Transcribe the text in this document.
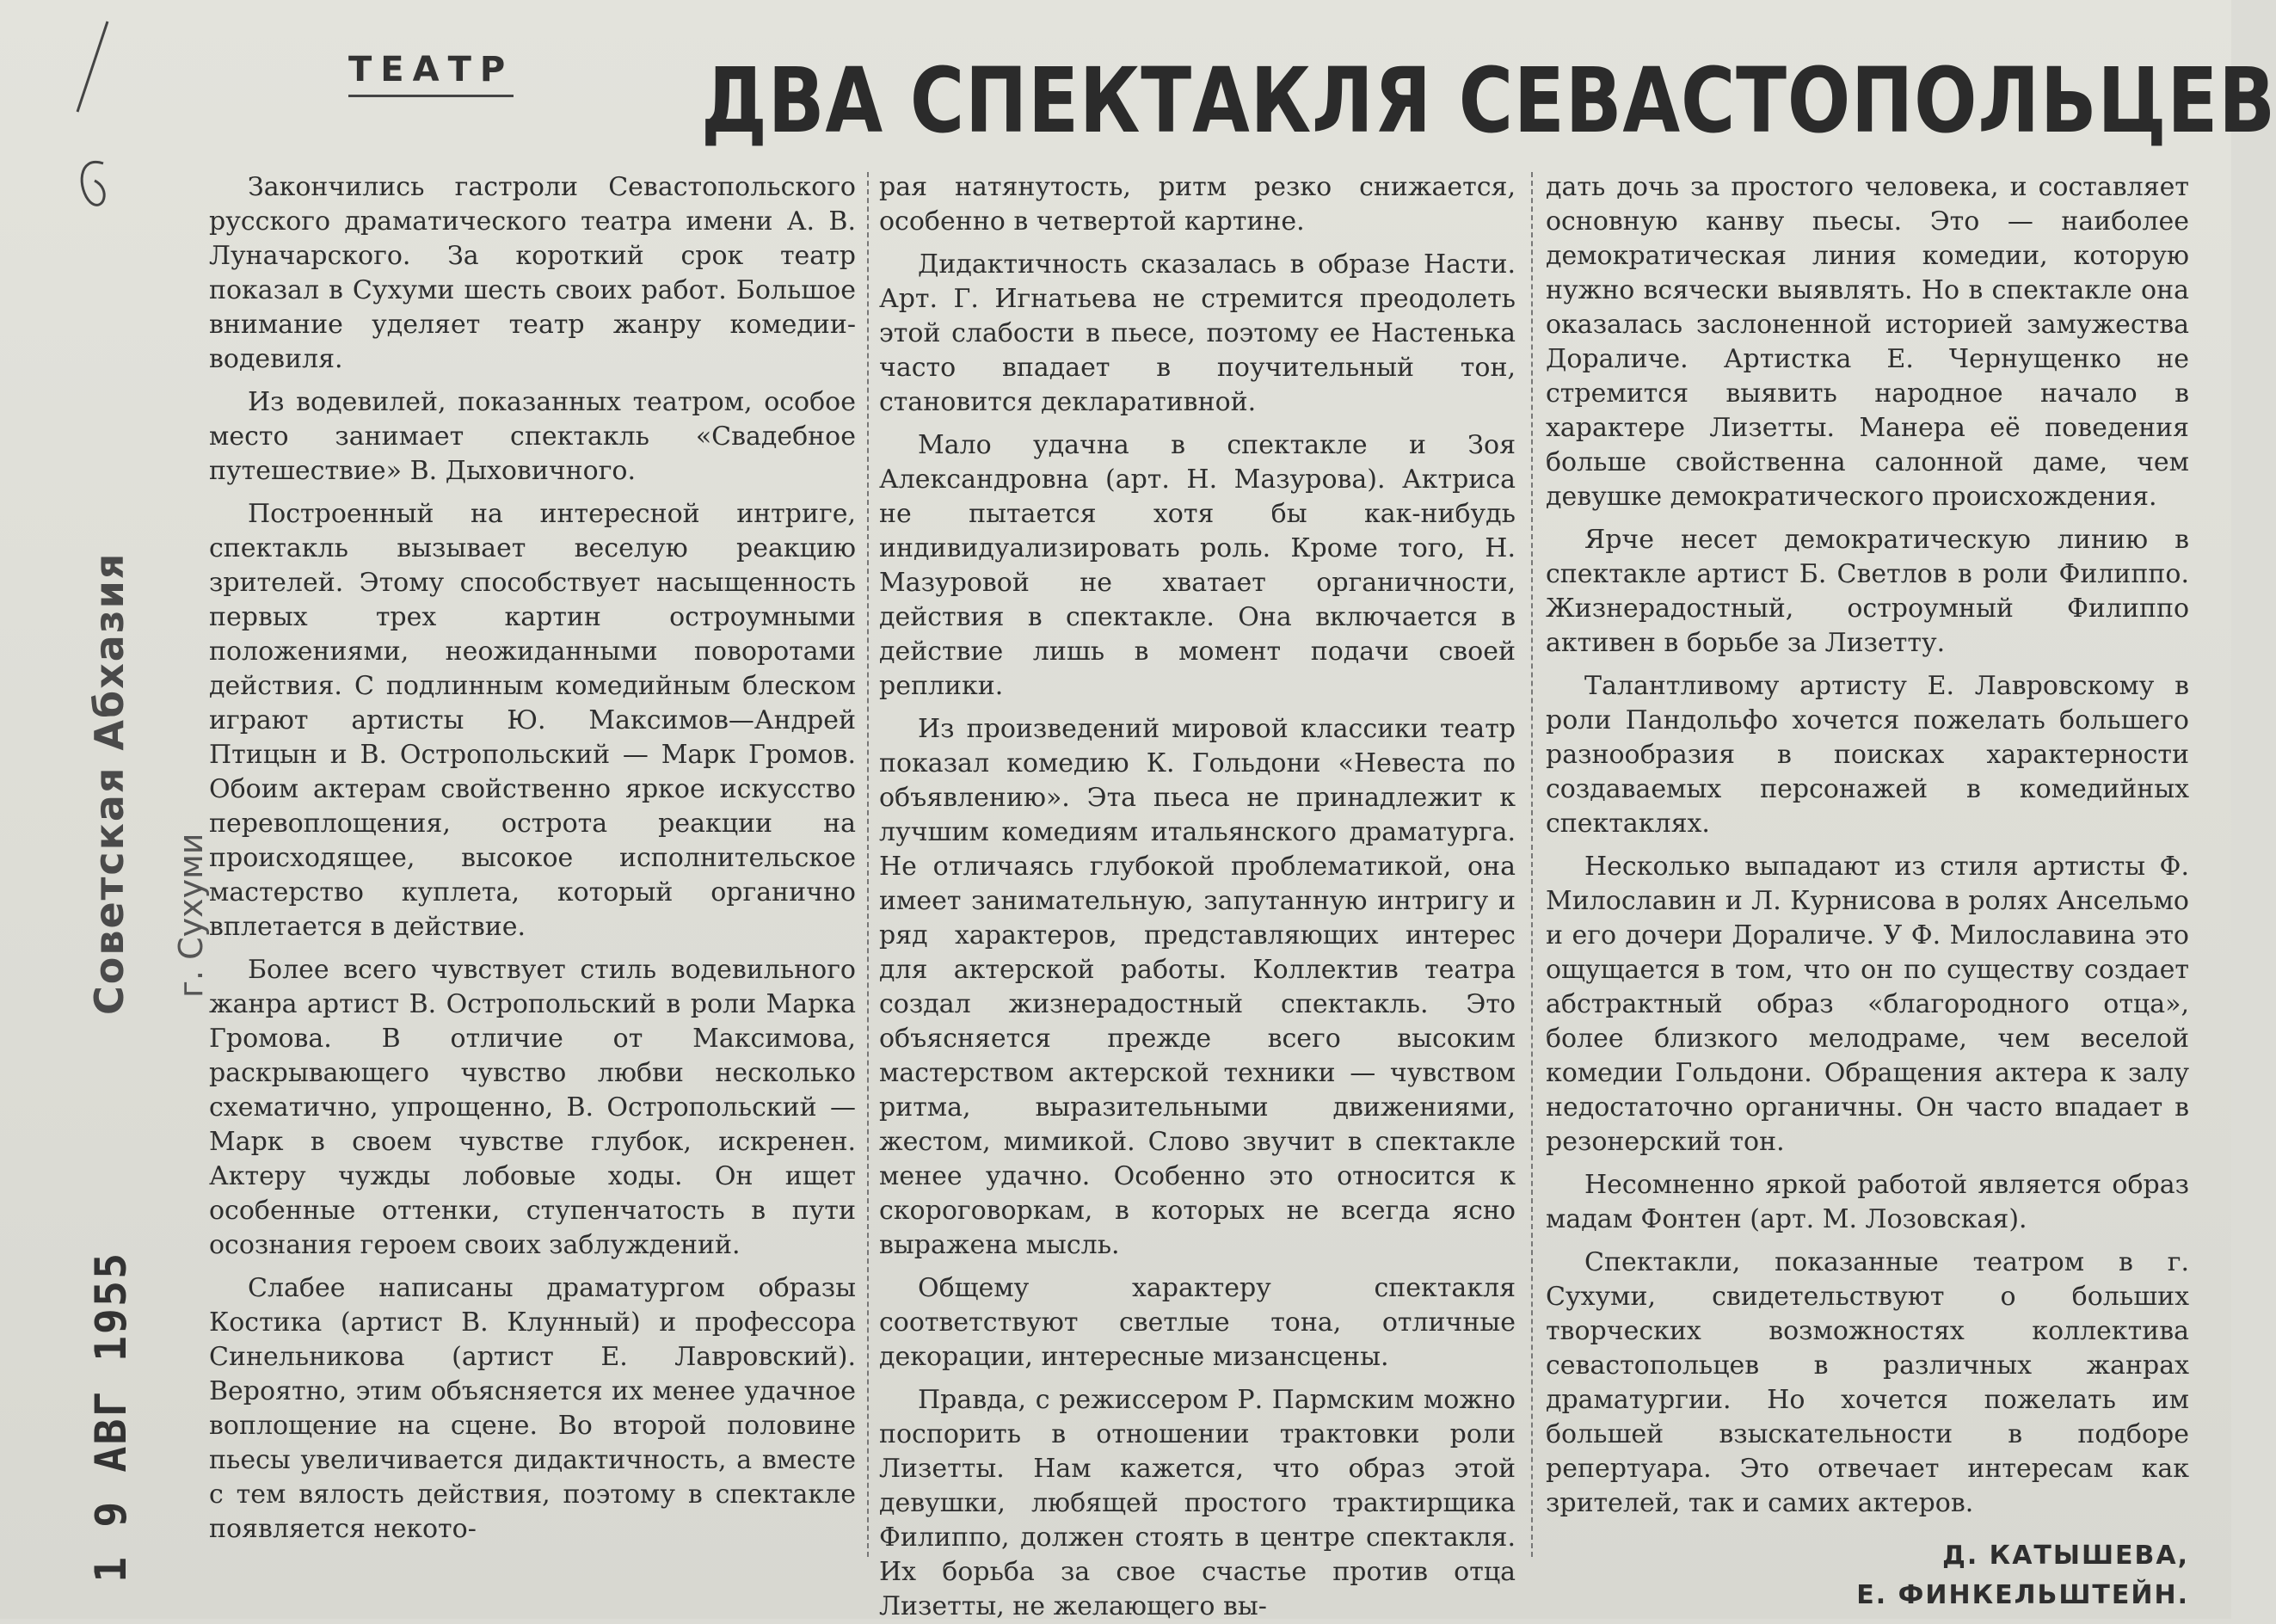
ТЕАТР ДВА СПЕКТАКЛЯ СЕВАСТОПОЛЬЦЕВ

Закончились гастроли Севастопольского русского драматического театра имени А. В. Луначарского. За короткий срок театр показал в Сухуми шесть своих работ. Большое внимание уделяет театр жанру комедии-водевиля.

Из водевилей, показанных театром, особое место занимает спектакль «Свадебное путешествие» В. Дыховичного.

Построенный на интересной интриге, спектакль вызывает веселую реакцию зрителей. Этому способствует насыщенность первых трех картин остроумными положениями, неожиданными поворотами действия. С подлинным комедийным блеском играют артисты Ю. Максимов—Андрей Птицын и В. Остропольский — Марк Громов. Обоим актерам свойственно яркое искусство перевоплощения, острота реакции на происходящее, высокое исполнительское мастерство куплета, который органично вплетается в действие.

Более всего чувствует стиль водевильного жанра артист В. Остропольский в роли Марка Громова. В отличие от Максимова, раскрывающего чувство любви несколько схематично, упрощенно, В. Остропольский — Марк в своем чувстве глубок, искренен. Актеру чужды лобовые ходы. Он ищет особенные оттенки, ступенчатость в пути осознания героем своих заблуждений.

Слабее написаны драматургом образы Костика (артист В. Клунный) и профессора Синельникова (артист Е. Лавровский). Вероятно, этим объясняется их менее удачное воплощение на сцене. Во второй половине пьесы увеличивается дидактичность, а вместе с тем вялость действия, поэтому в спектакле появляется некото-

рая натянутость, ритм резко снижается, особенно в четвертой картине.

Дидактичность сказалась в образе Насти. Арт. Г. Игнатьева не стремится преодолеть этой слабости в пьесе, поэтому ее Настенька часто впадает в поучительный тон, становится декларативной.

Мало удачна в спектакле и Зоя Александровна (арт. Н. Мазурова). Актриса не пытается хотя бы как-нибудь индивидуализировать роль. Кроме того, Н. Мазуровой не хватает органичности, действия в спектакле. Она включается в действие лишь в момент подачи своей реплики.

Из произведений мировой классики театр показал комедию К. Гольдони «Невеста по объявлению». Эта пьеса не принадлежит к лучшим комедиям итальянского драматурга. Не отличаясь глубокой проблематикой, она имеет занимательную, запутанную интригу и ряд характеров, представляющих интерес для актерской работы. Коллектив театра создал жизнерадостный спектакль. Это объясняется прежде всего высоким мастерством актерской техники — чувством ритма, выразительными движениями, жестом, мимикой. Слово звучит в спектакле менее удачно. Особенно это относится к скороговоркам, в которых не всегда ясно выражена мысль.

Общему характеру спектакля соответствуют светлые тона, отличные декорации, интересные мизансцены.

Правда, с режиссером Р. Пармским можно поспорить в отношении трактовки роли Лизетты. Нам кажется, что образ этой девушки, любящей простого трактирщика Филиппо, должен стоять в центре спектакля. Их борьба за свое счастье против отца Лизетты, не желающего вы-

дать дочь за простого человека, и составляет основную канву пьесы. Это — наиболее демократическая линия комедии, которую нужно всячески выявлять. Но в спектакле она оказалась заслоненной историей замужества Дораличе. Артистка Е. Чернущенко не стремится выявить народное начало в характере Лизетты. Манера её поведения больше свойственна салонной даме, чем девушке демократического происхождения.

Ярче несет демократическую линию в спектакле артист Б. Светлов в роли Филиппо. Жизнерадостный, остроумный Филиппо активен в борьбе за Лизетту.

Талантливому артисту Е. Лавровскому в роли Пандольфо хочется пожелать большего разнообразия в поисках характерности создаваемых персонажей в комедийных спектаклях.

Несколько выпадают из стиля артисты Ф. Милославин и Л. Курнисова в ролях Ансельмо и его дочери Дораличе. У Ф. Милославина это ощущается в том, что он по существу создает абстрактный образ «благородного отца», более близкого мелодраме, чем веселой комедии Гольдони. Обращения актера к залу недостаточно органичны. Он часто впадает в резонерский тон.

Несомненно яркой работой является образ мадам Фонтен (арт. М. Лозовская).

Спектакли, показанные театром в г. Сухуми, свидетельствуют о больших творческих возможностях коллектива севастопольцев в различных жанрах драматургии. Но хочется пожелать им большей взыскательности в подборе репертуара. Это отвечает интересам как зрителей, так и самих актеров.

Д. КАТЫШЕВА,
Е. ФИНКЕЛЬШТЕЙН.

1 9 АВГ 1955
Советская Абхазия г. Сухуми
